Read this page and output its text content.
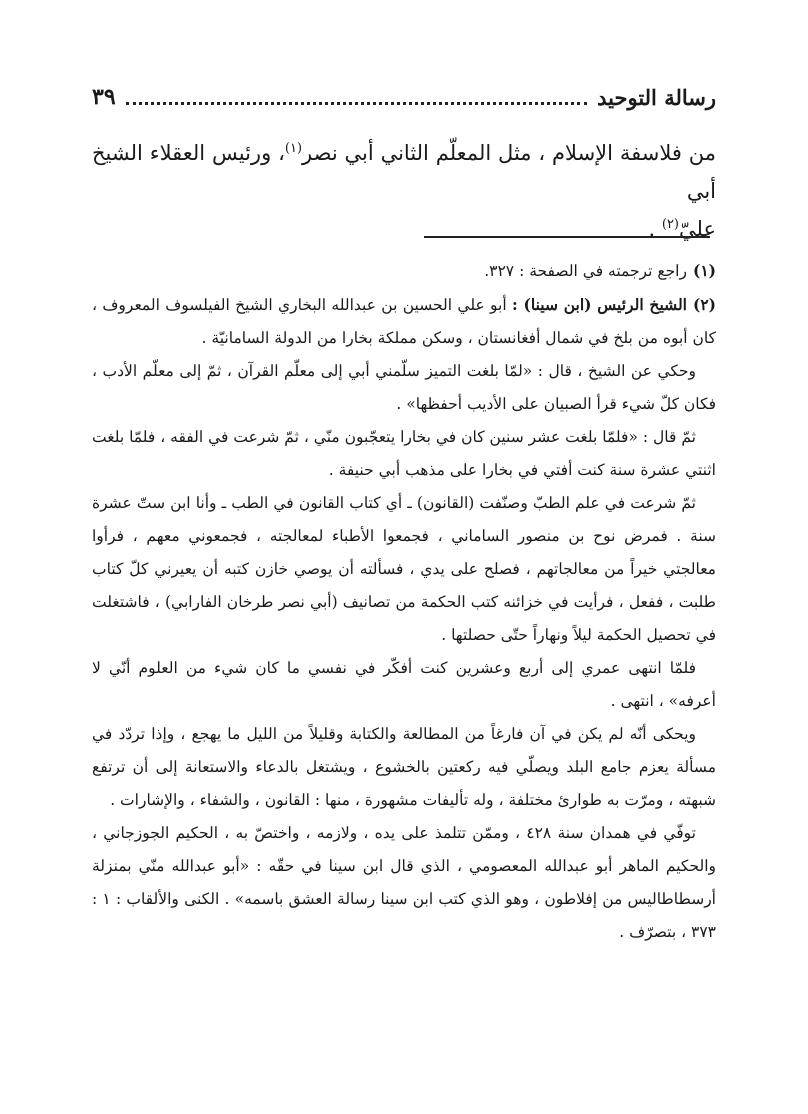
رسالة التوحيد
٣٩
من فلاسفة الإسلام ، مثل المعلّم الثاني أبي نصر$^{(١)}$، ورئيس العقلاء الشيخ أبي
عليّ$^{(٢)}$ .

(١)راجع ترجمته في الصفحة : ٣٢٧.

(٢)الشيخ الرئيس (ابن سينا) : أبو علي الحسين بن عبدالله البخاري الشيخ الفيلسوف المعروف ، كان أبوه من بلخ في شمال أفغانستان ، وسكن مملكة بخارا من الدولة السامانيّة .

وحكي عن الشيخ ، قال : «لمّا بلغت التميز سلّمني أبي إلى معلّم القرآن ، ثمّ إلى معلّم الأدب ، فكان كلّ شيء قرأ الصبيان على الأديب أحفظها» .

ثمّ قال : «فلمّا بلغت عشر سنين كان في بخارا يتعجّبون منّي ، ثمّ شرعت في الفقه ، فلمّا بلغت اثنتي عشرة سنة كنت أفتي في بخارا على مذهب أبي حنيفة .

ثمّ شرعت في علم الطبّ وصنّفت (القانون) ـ أي كتاب القانون في الطب ـ وأنا ابن ستّ عشرة سنة . فمرض نوح بن منصور الساماني ، فجمعوا الأطباء لمعالجته ، فجمعوني معهم ، فرأوا معالجتي خيراً من معالجاتهم ، فصلح على يدي ، فسألته أن يوصي خازن كتبه أن يعيرني كلّ كتاب طلبت ، ففعل ، فرأيت في خزائنه كتب الحكمة من تصانيف (أبي نصر طرخان الفارابي) ، فاشتغلت في تحصيل الحكمة ليلاً ونهاراً حتّى حصلتها .

فلمّا انتهى عمري إلى أربع وعشرين كنت أفكّر في نفسي ما كان شيء من العلوم أنّي لا أعرفه» ، انتهى .

ويحكى أنّه لم يكن في آن فارغاً من المطالعة والكتابة وقليلاً من الليل ما يهجع ، وإذا تردّد في مسألة يعزم جامع البلد ويصلّي فيه ركعتين بالخشوع ، ويشتغل بالدعاء والاستعانة إلى أن ترتفع شبهته ، ومرّت به طوارئ مختلفة ، وله تأليفات مشهورة ، منها : القانون ، والشفاء ، والإشارات .

توفّي في همدان سنة ٤٢٨ ، وممّن تتلمذ على يده ، ولازمه ، واختصّ به ، الحكيم الجوزجاني ، والحكيم الماهر أبو عبدالله المعصومي ، الذي قال ابن سينا في حقّه : «أبو عبدالله منّي بمنزلة أرسطاطاليس من إفلاطون ، وهو الذي كتب ابن سينا رسالة العشق باسمه» . الكنى والألقاب : ١ : ٣٧٣ ، بتصرّف .
